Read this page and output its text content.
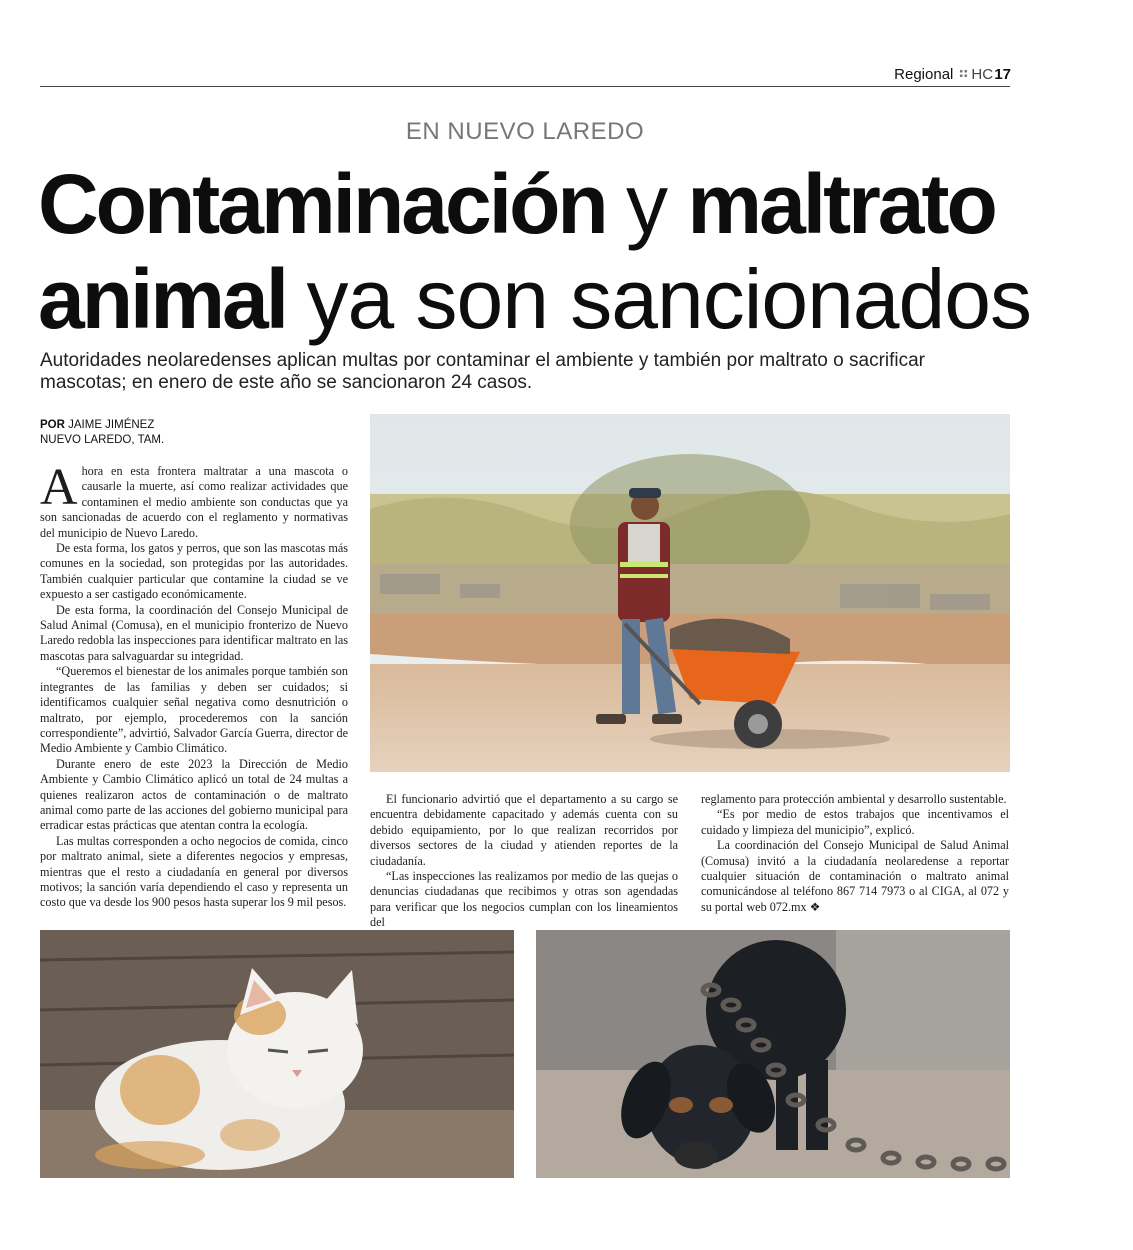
Regional HC 17
EN NUEVO LAREDO
Contaminación y maltrato
animal ya son sancionados
Autoridades neolaredenses aplican multas por contaminar el ambiente y también por maltrato o sacrificar mascotas; en enero de este año se sancionaron 24 casos.
POR JAIME JIMÉNEZ
NUEVO LAREDO, TAM.

Ahora en esta frontera maltratar a una mascota o causarle la muerte, así como realizar actividades que contaminen el medio ambiente son conductas que ya son sancionadas de acuerdo con el reglamento y normativas del municipio de Nuevo Laredo.

De esta forma, los gatos y perros, que son las mascotas más comunes en la sociedad, son protegidas por las autoridades. También cualquier particular que contamine la ciudad se ve expuesto a ser castigado económicamente.

De esta forma, la coordinación del Consejo Municipal de Salud Animal (Comusa), en el municipio fronterizo de Nuevo Laredo redobla las inspecciones para identificar maltrato en las mascotas para salvaguardar su integridad.

“Queremos el bienestar de los animales porque también son integrantes de las familias y deben ser cuidados; si identificamos cualquier señal negativa como desnutrición o maltrato, por ejemplo, procederemos con la sanción correspondiente”, advirtió, Salvador García Guerra, director de Medio Ambiente y Cambio Climático.

Durante enero de este 2023 la Dirección de Medio Ambiente y Cambio Climático aplicó un total de 24 multas a quienes realizaron actos de contaminación o de maltrato animal como parte de las acciones del gobierno municipal para erradicar estas prácticas que atentan contra la ecología.

Las multas corresponden a ocho negocios de comida, cinco por maltrato animal, siete a diferentes negocios y empresas, mientras que el resto a ciudadanía en general por diversos motivos; la sanción varía dependiendo el caso y representa un costo que va desde los 900 pesos hasta superar los 9 mil pesos.

El funcionario advirtió que el departamento a su cargo se encuentra debidamente capacitado y además cuenta con su debido equipamiento, por lo que realizan recorridos por diversos sectores de la ciudad y atienden reportes de la ciudadanía.

“Las inspecciones las realizamos por medio de las quejas o denuncias ciudadanas que recibimos y otras son agendadas para verificar que los negocios cumplan con los lineamientos del

reglamento para protección ambiental y desarrollo sustentable.

“Es por medio de estos trabajos que incentivamos el cuidado y limpieza del municipio”, explicó.

La coordinación del Consejo Municipal de Salud Animal (Comusa) invitó a la ciudadanía neolaredense a reportar cualquier situación de contaminación o maltrato animal comunicándose al teléfono 867 714 7973 o al CIGA, al 072 y su portal web 072.mx ❖
